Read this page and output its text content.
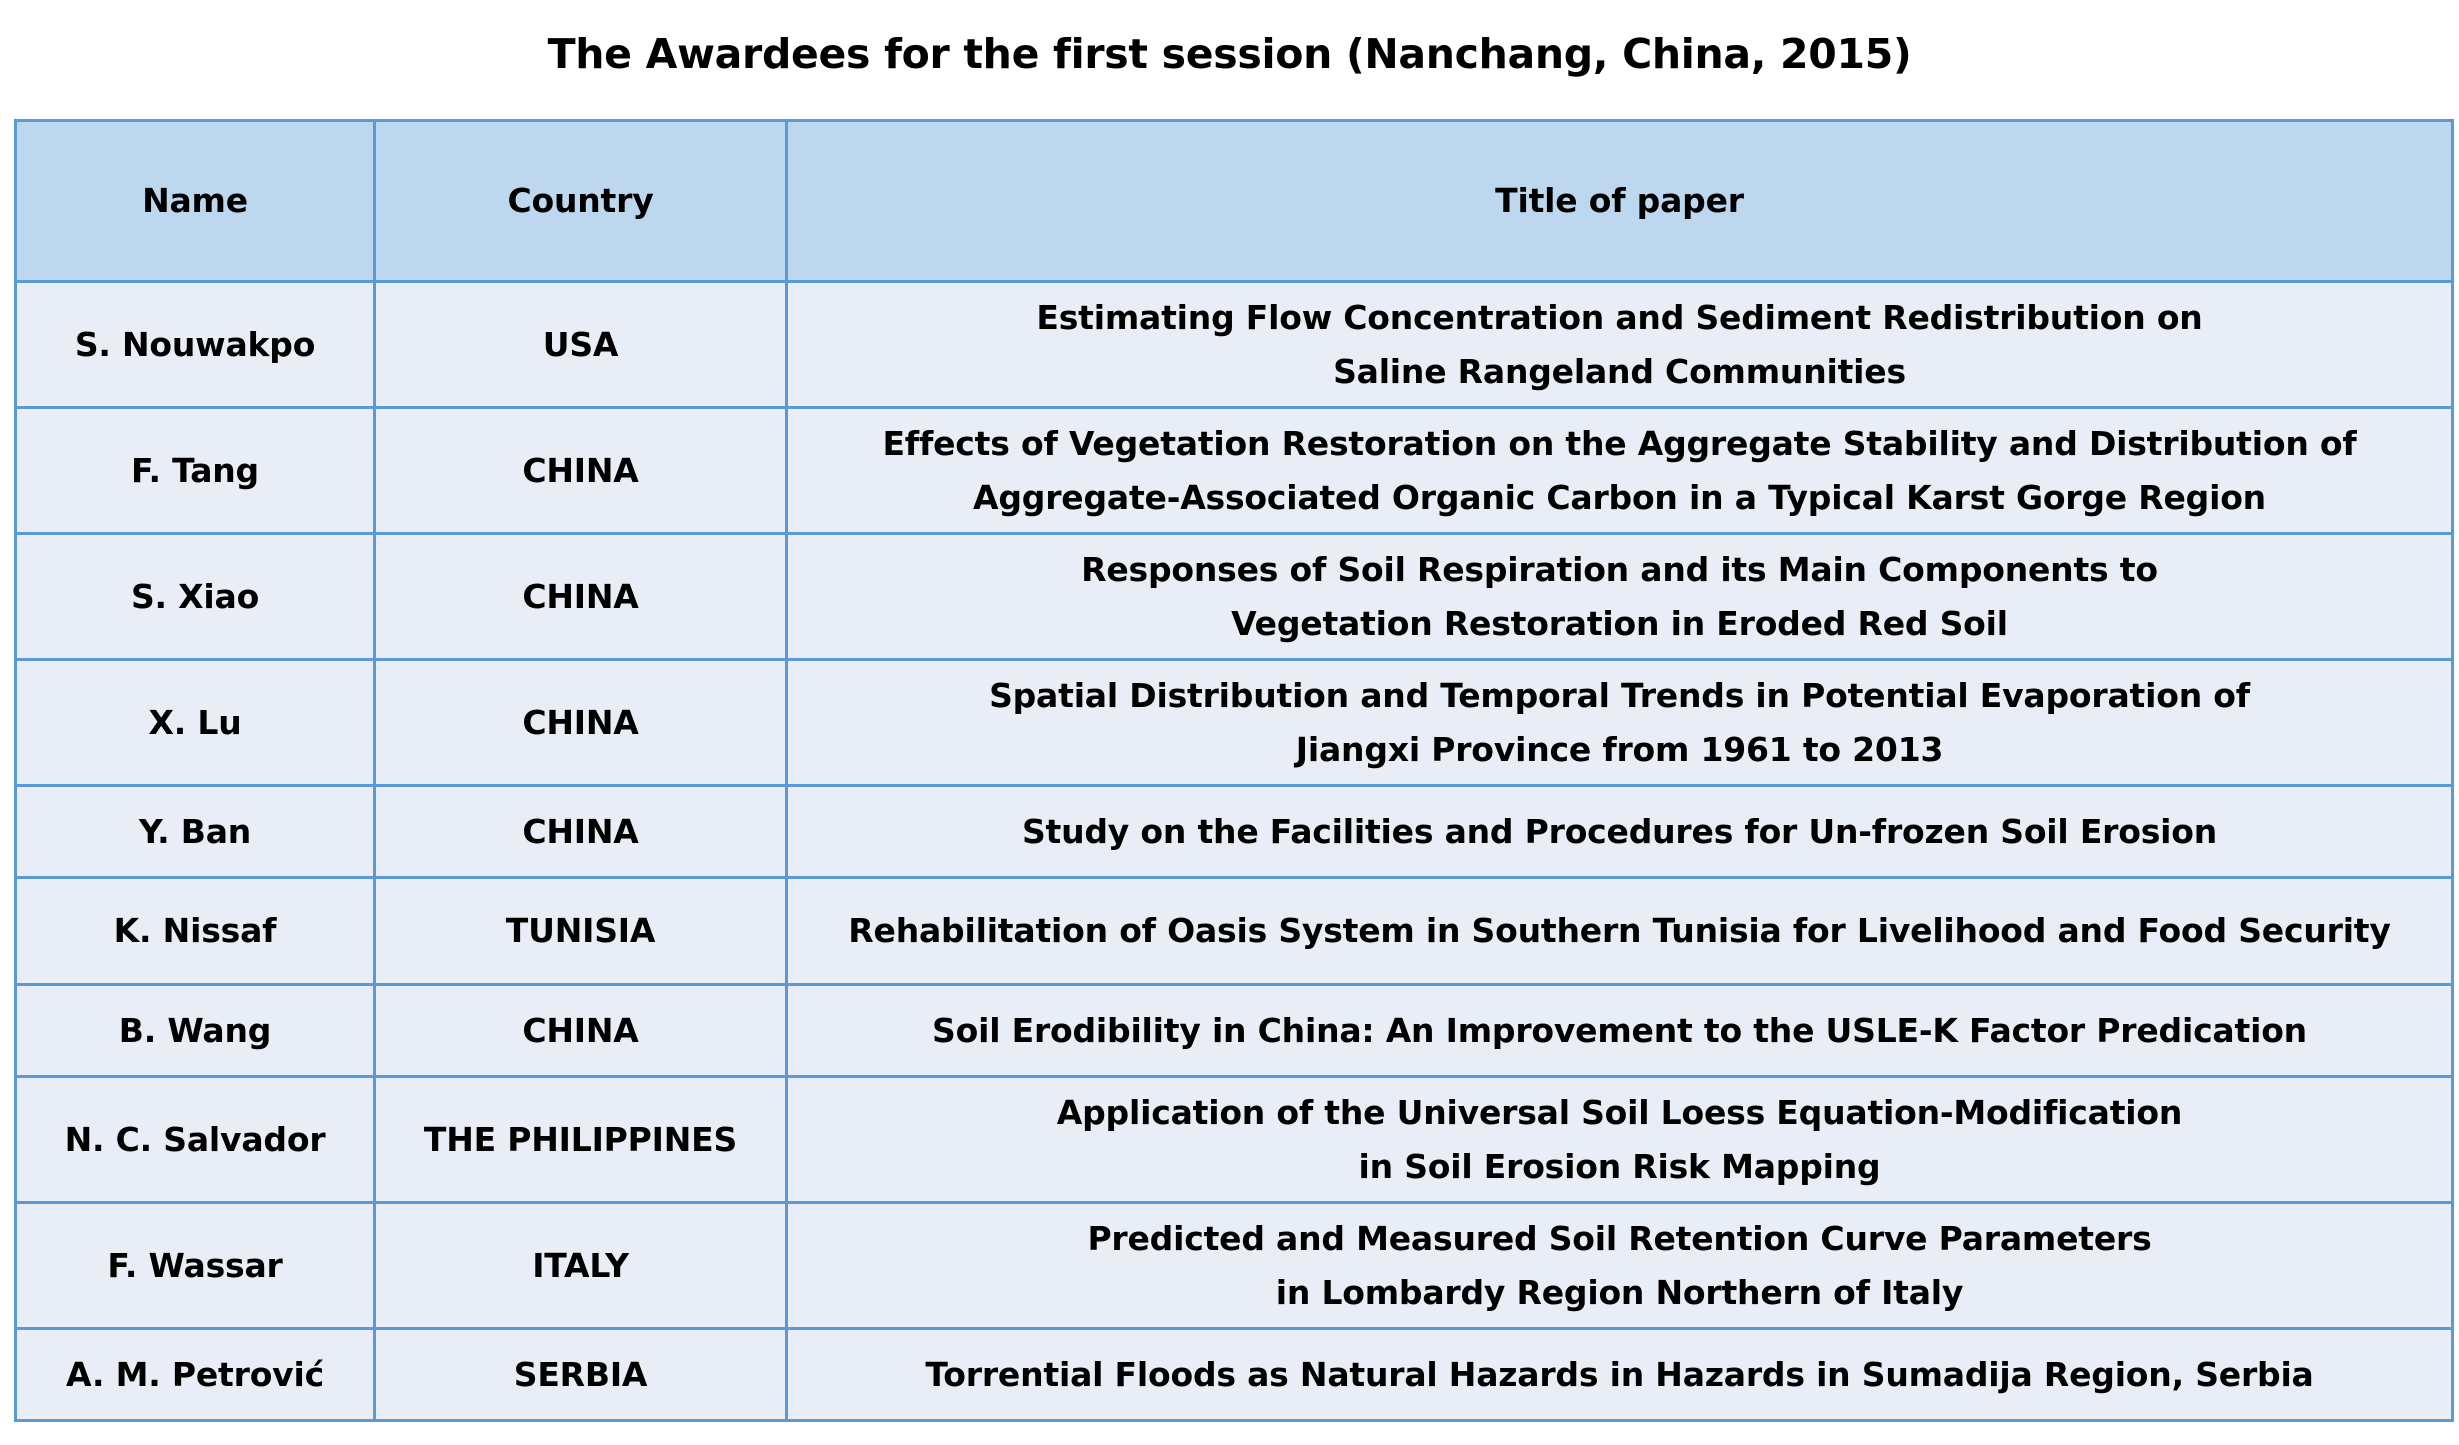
The Awardees for the first session (Nanchang, China, 2015)
Name	Country	Title of paper
S. Nouwakpo	USA	Estimating Flow Concentration and Sediment Redistribution on
Saline Rangeland Communities

F. Tang	CHINA	Effects of Vegetation Restoration on the Aggregate Stability and Distribution of
Aggregate-Associated Organic Carbon in a Typical Karst Gorge Region

S. Xiao	CHINA	Responses of Soil Respiration and its Main Components to
Vegetation Restoration in Eroded Red Soil

X. Lu	CHINA	Spatial Distribution and Temporal Trends in Potential Evaporation of
Jiangxi Province from 1961 to 2013

Y. Ban	CHINA	Study on the Facilities and Procedures for Un-frozen Soil Erosion

K. Nissaf	TUNISIA	Rehabilitation of Oasis System in Southern Tunisia for Livelihood and Food Security

B. Wang	CHINA	Soil Erodibility in China: An Improvement to the USLE-K Factor Predication

N. C. Salvador	THE PHILIPPINES	Application of the Universal Soil Loess Equation-Modification
in Soil Erosion Risk Mapping

F. Wassar	ITALY	Predicted and Measured Soil Retention Curve Parameters
in Lombardy Region Northern of Italy

A. M. Petrović	SERBIA	Torrential Floods as Natural Hazards in Hazards in Sumadija Region, Serbia
